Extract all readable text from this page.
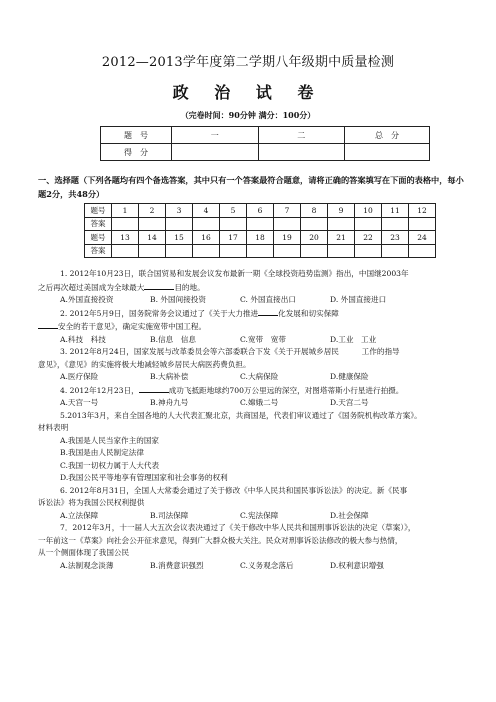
2012—2013学年度第二学期八年级期中质量检测
政 治 试 卷
（完卷时间：90分钟 满分：100分）
题　号	一	二	总　分
得　分			
一、选择题（下列各题均有四个备选答案，其中只有一个答案最符合题意，请将正确的答案填写在下面的表格中，每小题2分，共48分）
题号	1	2	3	4	5	6	7	8	9	10	11	12
答案												
题号	13	14	15	16	17	18	19	20	21	22	23	24
答案												
1. 2012年10月23日，联合国贸易和发展会议发布最新一期《全球投资趋势监测》指出，中国继2003年
之后再次超过美国成为全球最大	目的地。
A.外国直接投资	B. 外国间接投资	C. 外国直接出口	D. 外国直接进口
2. 2012年5月9日，国务院常务会议通过了《关于大力推进	化发展和切实保障
安全的若干意见》，确定实施宽带中国工程。
A.科技　科技	B.信息　信息	C.宽带　宽带	D.工业　工业
3. 2012年8月24日，国家发展与改革委员会等六部委联合下发《关于开展城乡居民　　　工作的指导
意见》，《意见》的实施将极大地减轻城乡居民大病医药费负担。
A.医疗保险	B.大病补偿	C.大病保险	D.健康保险
4. 2012年12月23日，	成功飞抵距地球约700万公里远的深空，对图塔蒂斯小行星进行拍摄。
A.天宫一号	B.神舟九号	C.嫦娥二号	D.天宫二号
5.2013年3月，来自全国各地的人大代表汇聚北京，共商国是，代表们审议通过了《国务院机构改革方案》。
材料表明
A.我国是人民当家作主的国家
B.我国是由人民制定法律
C.我国一切权力属于人大代表
D.我国公民平等地享有管理国家和社会事务的权利
6. 2012年8月31日，全国人大常委会通过了关于修改《中华人民共和国民事诉讼法》的决定。新《民事
诉讼法》将为我国公民权利提供
A.立法保障	B.司法保障	C.宪法保障	D.社会保障
7．2012年3月，十一届人大五次会议表决通过了《关于修改中华人民共和国刑事诉讼法的决定（草案）》，
一年前这一《草案》向社会公开征求意见，得到广大群众极大关注。民众对刑事诉讼法修改的极大参与热情，
从一个侧面体现了我国公民
A.法制观念淡薄	B.消费意识强烈	C.义务观念落后	D.权利意识增强
